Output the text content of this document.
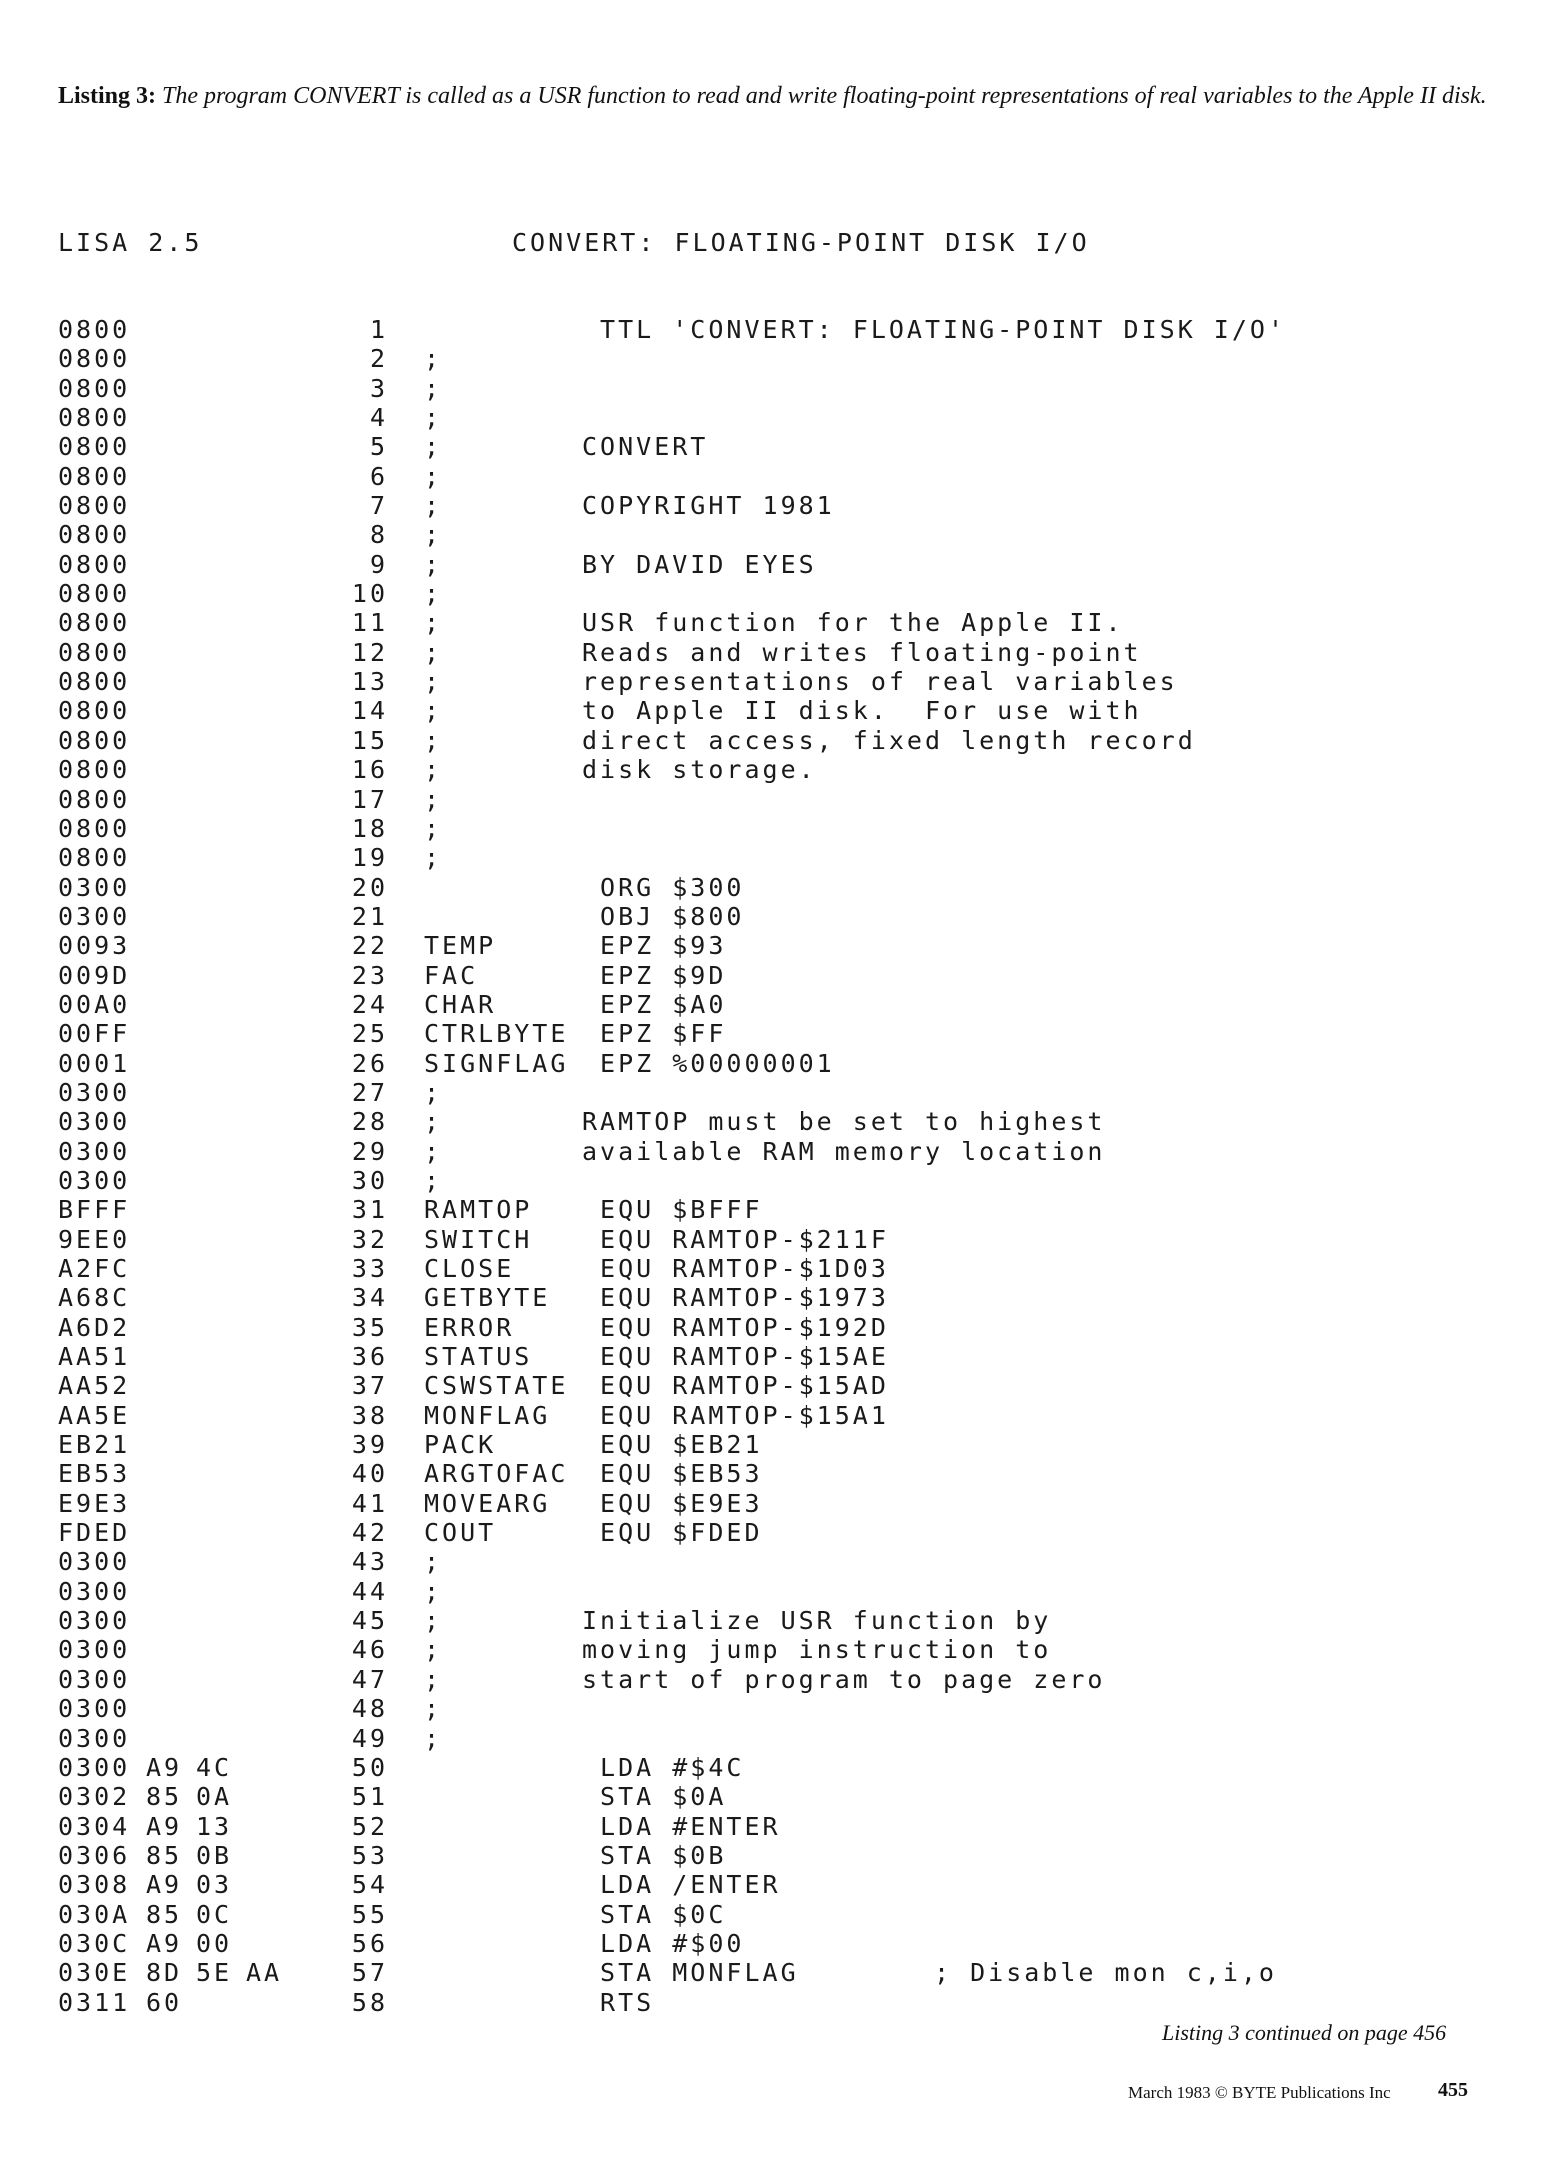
Listing 3: The program CONVERT is called as a USR function to read and write floating-point representations of real variables to the Apple II disk.
LISA 2.5	CONVERT: FLOATING-POINT DISK I/O
0800	1	TTL 'CONVERT: FLOATING-POINT DISK I/O'
0800	2 ;
0800	3 ;
0800	4 ;
0800	5 ;	CONVERT
0800	6 ;
0800	7 ;	COPYRIGHT 1981
0800	8 ;
0800	9 ;	BY DAVID EYES
0800	10 ;
0800	11 ;	USR function for the Apple II.
0800	12 ;	Reads and writes floating-point
0800	13 ;	representations of real variables
0800	14 ;	to Apple II disk.  For use with
0800	15 ;	direct access, fixed length record
0800	16 ;	disk storage.
0800	17 ;
0800	18 ;
0800	19 ;
0300	20	ORG $300
0300	21	OBJ $800
0093	22 TEMP	EPZ $93
009D	23 FAC	EPZ $9D
00A0	24 CHAR	EPZ $A0
00FF	25 CTRLBYTE EPZ $FF
0001	26 SIGNFLAG EPZ %00000001
0300	27 ;
0300	28 ;	RAMTOP must be set to highest
0300	29 ;	available RAM memory location
0300	30 ;
BFFF	31 RAMTOP EQU $BFFF
9EE0	32 SWITCH EQU RAMTOP-$211F
A2FC	33 CLOSE	EQU RAMTOP-$1D03
A68C	34 GETBYTE EQU RAMTOP-$1973
A6D2	35 ERROR	EQU RAMTOP-$192D
AA51	36 STATUS EQU RAMTOP-$15AE
AA52	37 CSWSTATE EQU RAMTOP-$15AD
AA5E	38 MONFLAG EQU RAMTOP-$15A1
EB21	39 PACK	EQU $EB21
EB53	40 ARGTOFAC EQU $EB53
E9E3	41 MOVEARG EQU $E9E3
FDED	42 COUT	EQU $FDED
0300	43 ;
0300	44 ;
0300	45 ;	Initialize USR function by
0300	46 ;	moving jump instruction to
0300	47 ;	start of program to page zero
0300	48 ;
0300	49 ;
0300 A9 4C	50	LDA #$4C
0302 85 0A	51	STA $0A
0304 A9 13	52	LDA #ENTER
0306 85 0B	53	STA $0B
0308 A9 03	54	LDA /ENTER
030A 85 0C	55	STA $0C
030C A9 00	56	LDA #$00
030E 8D 5E AA	57	STA MONFLAG	; Disable mon c,i,o
0311 60	58	RTS
Listing 3 continued on page 456
March 1983 © BYTE Publications Inc 455
